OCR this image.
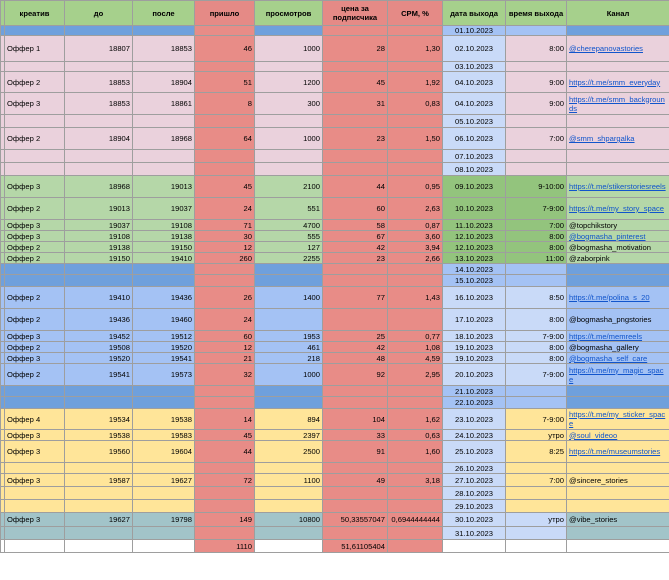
	креатив	до	после	пришло	просмотров	цена за подписчика	CPM, %	дата выхода	время выхода	Канал
								01.10.2023		
	Оффер 1	18807	18853	46	1000	28	1,30	02.10.2023	8:00	@cherepanovastories
								03.10.2023		
	Оффер 2	18853	18904	51	1200	45	1,92	04.10.2023	9:00	https://t.me/smm_everyday
	Оффер 3	18853	18861	8	300	31	0,83	04.10.2023	9:00	https://t.me/smm_backgrounds
								05.10.2023		
	Оффер 2	18904	18968	64	1000	23	1,50	06.10.2023	7:00	@smm_shpargalka
								07.10.2023		
								08.10.2023		
	Оффер 3	18968	19013	45	2100	44	0,95	09.10.2023	9-10:00	https://t.me/stikerstoriesreels
	Оффер 2	19013	19037	24	551	60	2,63	10.10.2023	7-9:00	https://t.me/my_story_space
	Оффер 3	19037	19108	71	4700	58	0,87	11.10.2023	7:00	@topchikstory
	Оффер 3	19108	19138	30	555	67	3,60	12.10.2023	8:00	@bogmasha_pinterest
	Оффер 2	19138	19150	12	127	42	3,94	12.10.2023	8:00	@bogmasha_motivation
	Оффер 2	19150	19410	260	2255	23	2,66	13.10.2023	11:00	@zaborpink
								14.10.2023		
								15.10.2023		
	Оффер 2	19410	19436	26	1400	77	1,43	16.10.2023	8:50	https://t.me/polina_s_20
	Оффер 2	19436	19460	24				17.10.2023	8:00	@bogmasha_pngstories
	Оффер 3	19452	19512	60	1953	25	0,77	18.10.2023	7-9:00	https://t.me/memreels
	Оффер 2	19508	19520	12	461	42	1,08	19.10.2023	8:00	@bogmasha_gallery
	Оффер 3	19520	19541	21	218	48	4,59	19.10.2023	8:00	@bogmasha_self_care
	Оффер 2	19541	19573	32	1000	92	2,95	20.10.2023	7-9:00	https://t.me/my_magic_space
								21.10.2023		
								22.10.2023		
	Оффер 4	19534	19538	14	894	104	1,62	23.10.2023	7-9:00	https://t.me/my_sticker_space
	Оффер 3	19538	19583	45	2397	33	0,63	24.10.2023	утро	@soul_videoo
	Оффер 3	19560	19604	44	2500	91	1,60	25.10.2023	8:25	https://t.me/museumstories
								26.10.2023		
	Оффер 3	19587	19627	72	1100	49	3,18	27.10.2023	7:00	@sincere_stories
								28.10.2023		
								29.10.2023		
	Оффер 3	19627	19798	149	10800	50,33557047	0,6944444444	30.10.2023	утро	@vibe_stories
								31.10.2023		
				1110		51,61105404				
